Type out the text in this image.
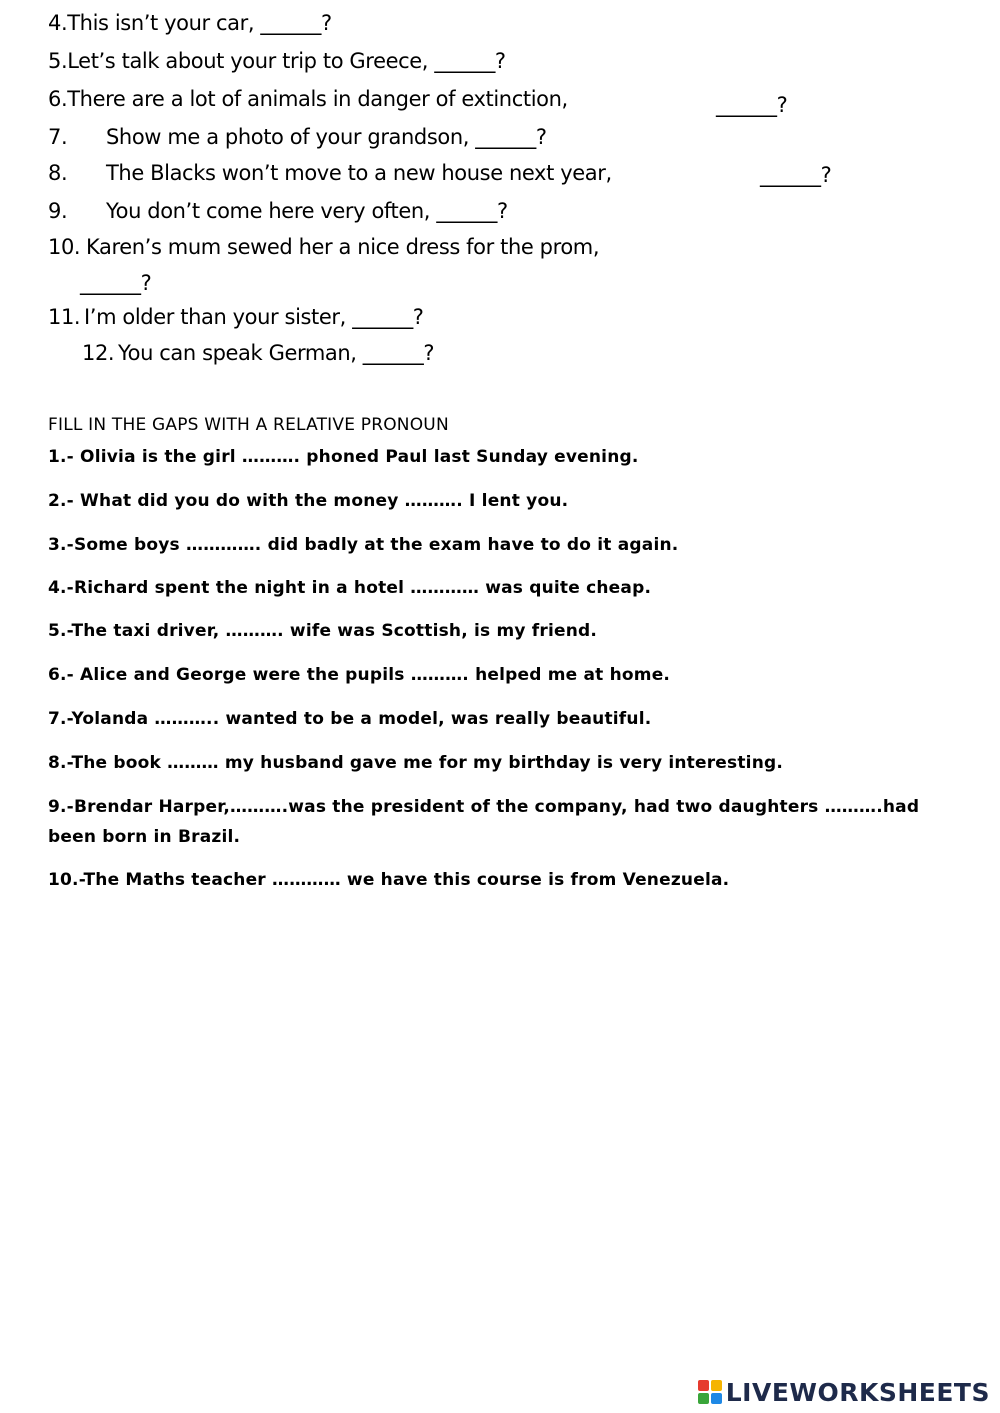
4.This isn’t your car, ______?
5.Let’s talk about your trip to Greece, ______?
6.There are a lot of animals in danger of extinction,	______?
7. Show me a photo of your grandson, ______?
8. The Blacks won’t move to a new house next year,	______?
9. You don’t come here very often, ______?
10. Karen’s mum sewed her a nice dress for the prom,
______?
11. I’m older than your sister, ______?
12. You can speak German, ______?
FILL IN THE GAPS WITH A RELATIVE PRONOUN
1.- Olivia is the girl ………. phoned Paul last Sunday evening.
2.- What did you do with the money ………. I lent you.
3.-Some boys …………. did badly at the exam have to do it again.
4.-Richard spent the night in a hotel ………… was quite cheap.
5.-The taxi driver, ………. wife was Scottish, is my friend.
6.- Alice and George were the pupils ………. helped me at home.
7.-Yolanda ……….. wanted to be a model, was really beautiful.
8.-The book ……… my husband gave me for my birthday is very interesting.
9.-Brendar Harper,……….was the president of the company, had two daughters ……….had been born in Brazil.
10.-The Maths teacher ………… we have this course is from Venezuela.
LIVEWORKSHEETS
